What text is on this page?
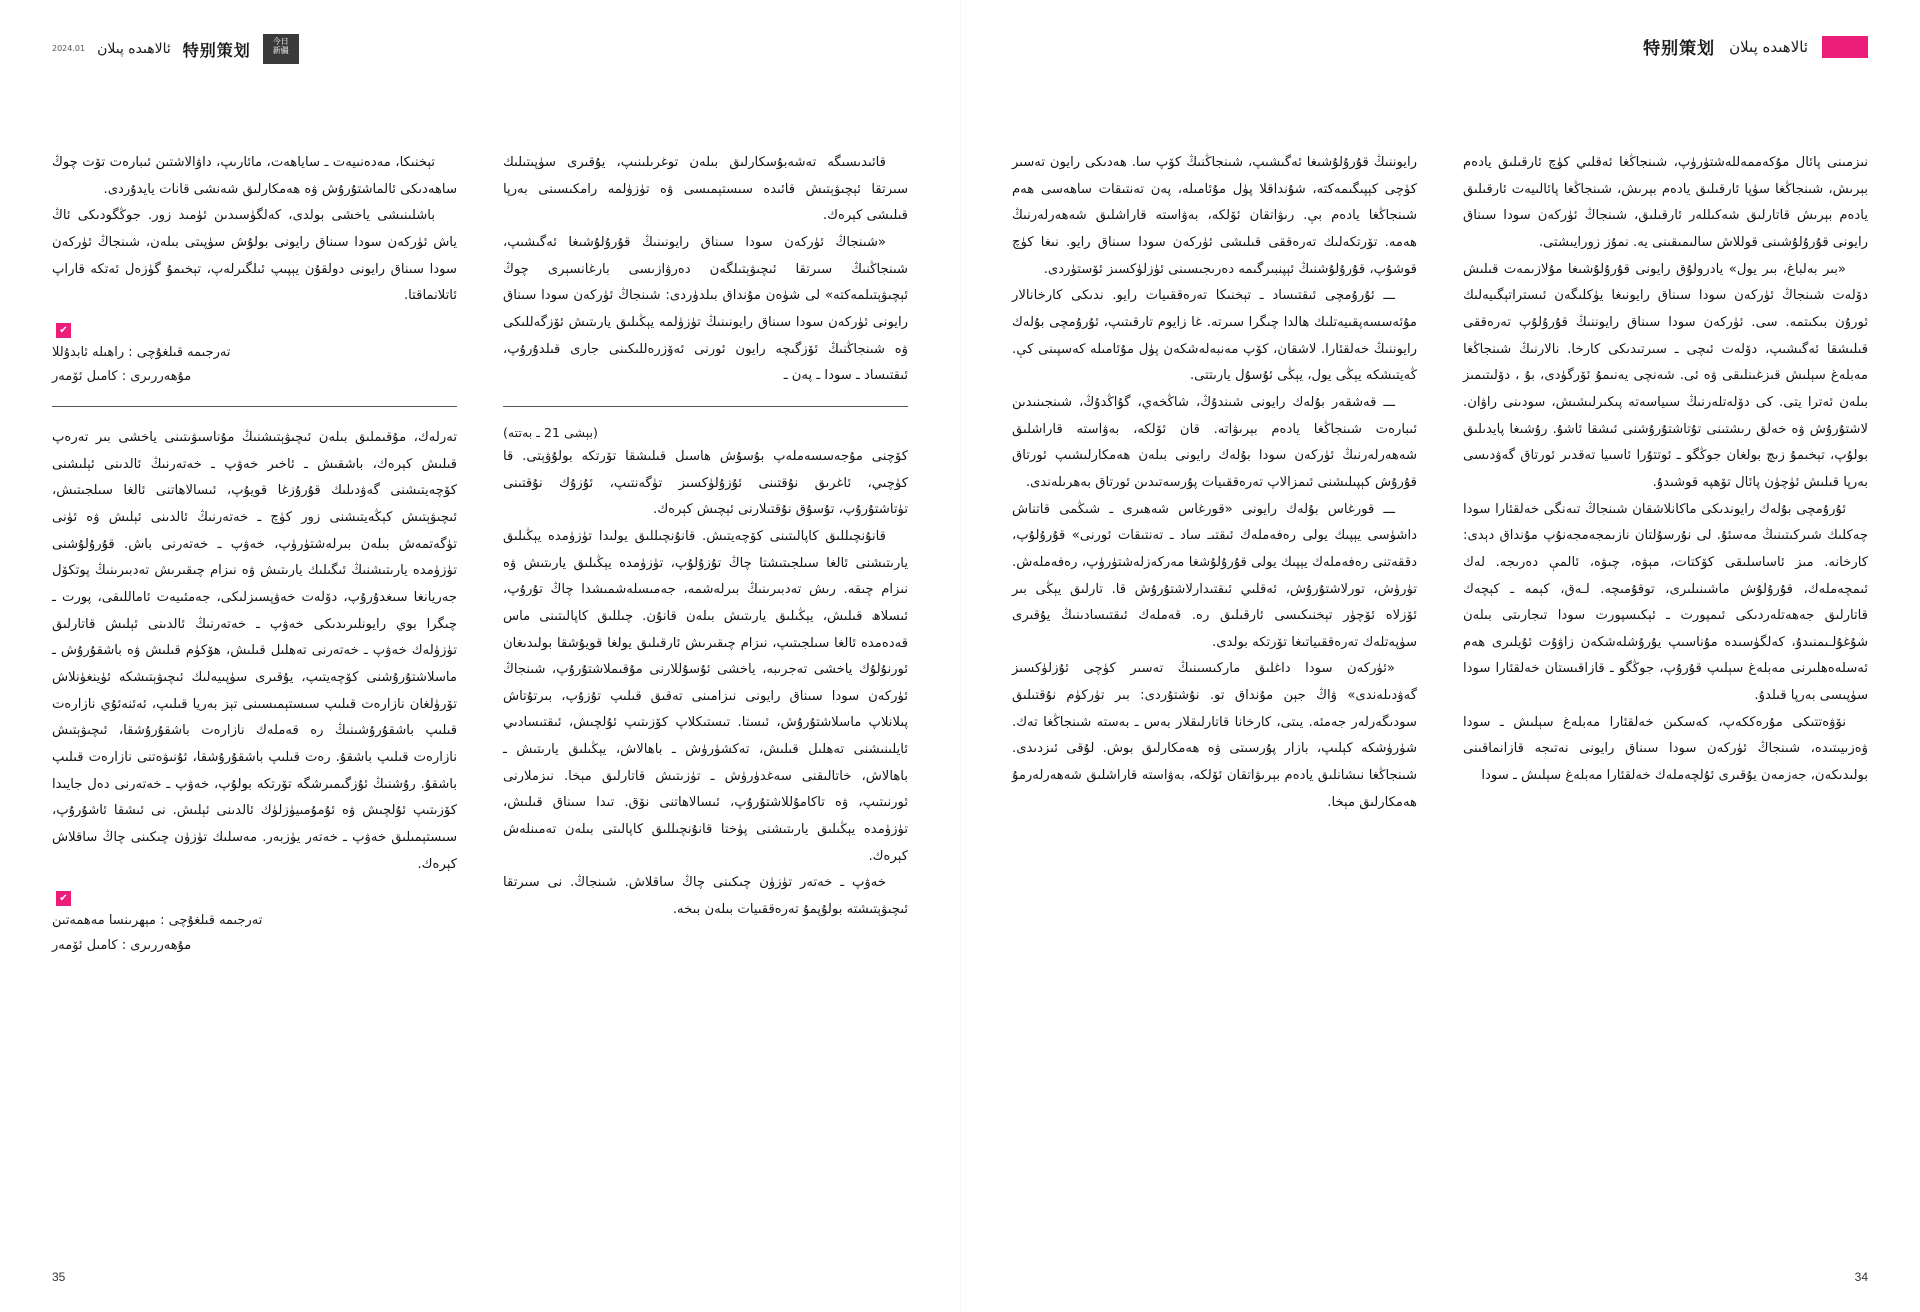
今日
新疆
特别策划
ئالاھىدە پىلان
2024.01

تېخنىكا، مەدەنىيەت ـ ساياھەت، مائارىپ، داۋالاشتىن ئىبارەت تۆت چوڭ ساھەدىكى ئالماشتۇرۇش ۋە ھەمكارلىق شەنشى قانات يايدۇردى.

باشلىنىشى ياخشى بولدى، كەلگۈسىدىن ئۈمىد زور. جوڭگودىكى ئاڭ ياش ئۈركەن سودا سىناق رايونى بولۇش سۈپىتى بىلەن، شىنجاڭ ئۈركەن سودا سىناق رايونى دولقۇن يېپىپ ئىلگىرلەپ، تېخىمۇ گۈزەل ئەتكە قاراپ ئاتلانماقتا.

✔
تەرجىمە قىلغۇچى : راھىلە ئابدۇللا
مۇھەررىرى : كامىل ئۆمەر

تەرلەك، مۇقىملىق بىلەن ئىچىۋېتىشنىڭ مۇناسىۋىتىنى ياخشى بىر تەرەپ قىلىش كېرەك، باشقىش ـ ئاخىر خەۋپ ـ خەتەرنىڭ ئالدىنى ئېلىشنى كۆچەيتىشنى گەۋدىلىك قۇرۇزغا قويۇپ، ئىسالاھاتنى ئالغا سىلجىتىش، ئىچىۋېتىش كېڭەيتىشنى زور كۈچ ـ خەتەرنىڭ ئالدىنى ئېلىش ۋە ئۈنى تۈگەتمەش بىلەن بىرلەشتۈرۈپ، خەۋپ ـ خەتەرنى باش. قۇرۇلۇشنى تۈزۈمدە يارىتىشنىڭ ئىگىلىك يارىتىش ۋە نىزام چىقىرىش تەدبىرىنىڭ پوتكۆل جەريانغا سىغدۇرۇپ، دۆلەت خەۋپسىزلىكى، جەمئىيەت ئاماللىقى، پورت ـ چىگرا بوي رايونلىرىدىكى خەۋپ ـ خەتەرنىڭ ئالدىنى ئېلىش قاتارلىق تۈزۈلەك خەۋپ ـ خەتەرنى تەھلىل قىلىش، ھۆكۈم قىلىش ۋە باشقۇرۇش ـ ماسلاشتۇرۇشنى كۆچەيتىپ، يۇقىرى سۈپىيەلىك ئىچىۋېتىشكە ئۈينغۈنلاش تۆرۈلغان نازارەت قىلىپ سىستېمىسىنى تېز بەريا قىلىپ، ئەئنەئۇي نازارەت قىلىپ باشقۇرۇشىنىڭ رە قەملەك نازارەت باشقۇرۇشقا، ئىچىۋېتىش نازارەت قىلىپ باشقۇ. رەت قىلىپ باشقۇرۇشقا، ئۇنىۋەتنى نازارەت قىلىپ باشقۇ. رۇشنىڭ ئۇزگىمىرشگە تۆرتكە بولۇپ، خەۋپ ـ خەتەرنى دەل جايىدا كۆزىتىپ ئۇلچىش ۋە ئۇمۇمىيۈزلۈك ئالدىنى ئېلىش. نى ئىشقا ئاشۇرۇپ، سىستېمىلىق خەۋپ ـ خەتەر يۈزبەر. مەسلىك تۈزۈن چىكىنى چاڭ ساقلاش كېرەك.

✔
تەرجىمە قىلغۇچى : مېھرىنسا مەھمەتىن
مۇھەررىرى : كامىل ئۆمەر

قائىدىسىگە تەشەبۇسكارلىق بىلەن توغرىلىنىپ، يۇقىرى سۈپىتىلىك سىرتقا ئېچىۋېتىش قائىدە سىستېمىسى ۋە تۈزۈلمە رامكىسىنى بەرپا قىلىشى كېرەك.

«شىنجاڭ ئۈركەن سودا سىناق رايونىنىڭ قۇرۇلۇشىغا ئەگىشىپ، شىنجاڭنىڭ سىرتقا ئىچىۋېتىلگەن دەرۋازىسى بارغانسېرى چوڭ ئېچىۋېتىلمەكتە» لى شۈەن مۇنداق بىلدۈردى: شىنجاڭ ئۈركەن سودا سىناق رايونى ئۈركەن سودا سىناق رايونىنىڭ تۈزۈلمە يېڭىلىق يارىتىش ئۆزگەللىكى ۋە شىنجاڭنىڭ ئۆزگىچە رايون ئورنى ئەۆزرەللىكىنى جارى قىلدۇرۇپ، ئىقتىساد ـ سودا ـ پەن ـ

(بېشى 21 ـ بەتتە)

كۆچنى مۇجەسسەملەپ بۇسۇش ھاسىل قىلىشقا تۆرتكە بولۇۋېتى. قا كۈچىي، ئاغرىق نۇقتىنى ئۇزۇلۈكسىز تۈگەنتىپ، ئۇزۇك نۇقتىنى تۈتاشتۇرۇپ، تۇسۇق نۇقتىلارنى ئېچىش كېرەك.

قانۇنچىللىق كاپالىتىنى كۆچەيتىش. قانۇنچىللىق يولىدا تۈزۈمدە يېڭىلىق يارىتىشنى ئالغا سىلجىتىشتا چاڭ تۇزۇلۇپ، تۈزۈمدە يېڭىلىق يارىتىش ۋە نىزام چىقە. رىش تەدبىرىنىڭ بىرلەشمە، جەمىسلەشمىشدا چاڭ تۇرۇپ، ئىسلاھ قىلىش، يېڭىلىق يارىتىش بىلەن قانۇن. چىللىق كاپالىتىنى ماس قەدەمدە ئالغا سىلجىتىپ، نىزام چىقىرىش ئارقىلىق يولغا قويۇشقا بولىدىغان ئورنۇلۇك ياخشى تەجرىبە، ياخشى ئۇسۇللارنى مۇقىملاشتۇرۇپ، شىنجاڭ ئۈركەن سودا سىناق رايونى نىزامىنى تەقىق قىلىپ تۇزۇپ، بىرتۇتاش پىلانلاپ ماسلاشتۇرۇش، ئىستا. تىستىكلاپ كۆزىتىپ ئۇلچىش، ئىقتىسادىي ئايلىنىشنى تەھلىل قىلىش، تەكشۈرۈش ـ باھالاش، يېڭىلىق يارىتىش ـ باھالاش، خاتالىقنى سەغدۈرۈش ـ تۈزىتىش قاتارلىق مېخا. نىزملارنى ئورنىتىپ، ۋە تاكامۇللاشتۇرۇپ، ئىسالاھاتنى نۆق. تىدا سىناق قىلىش، تۈزۈمدە يېڭىلىق يارىتىشنى پۈختا قانۇنچىللىق كاپالىتى بىلەن تەمىنلەش كېرەك.

خەۋپ ـ خەتەر تۈزۈن چىكىنى چاڭ ساقلاش. شىنجاڭ. نى سىرتقا ئىچىۋېتىشتە بولۇپمۇ تەرەققىيات بىلەن بىخە.

35
ئالاھىدە پىلان
特别策划

رايوننىڭ قۇرۇلۇشىغا ئەگىشىپ، شىنجاڭنىڭ كۆپ سا. ھەدىكى رايون تەسىر كۈچى كېپىگىمەكتە، شۇنداقلا پۈل مۇئامىلە، پەن تەنتىقات ساھەسى ھەم شىنجاڭغا يادەم بې. رىۋاتقان ئۆلكە، بەۋاستە قاراشلىق شەھەرلەرنىڭ ھەمە. تۆرتكەلىك تەرەققى قىلىشى ئۈركەن سودا سىناق رايو. نىغا كۈچ قوشۇپ، قۇرۇلۇشنىڭ ئېپنبىرگىمە دەرىجىسىنى ئۈزلۈكسىز ئۆستۈردى.

ـــ ئۇرۇمچى ئىقتىساد ـ تېخنىكا تەرەققىيات رايو. ندىكى كارخانالار مۇئەسسەپقىيەتلىك ھالدا چىگرا سىرتە. غا زايوم تارقىتىپ، ئۇرۇمچى بۇلەك رايوننىڭ خەلقئارا. لاشقان، كۆپ مەنبەلەشكەن پۈل مۇئامىلە كەسپىنى كې. ڭەيتىشكە يېڭى يول، يېڭى ئۇسۇل يارىتتى.

ـــ قەشقەر بۇلەك رايونى شىندۇڭ، شاڭخەي، گۇاڭدۇڭ، شىنجىنىدىن ئىبارەت شىنجاڭغا يادەم بېرىۋاتە. قان ئۆلكە، بەۋاستە قاراشلىق شەھەرلەرنىڭ ئۈركەن سودا بۇلەك رايونى بىلەن ھەمكارلىشىپ ئورتاق قۇرۇش كېپىلىشنى ئىمزالاپ تەرەققىيات پۇرسەتىدىن ئورتاق بەھرىلەندى.

ـــ قورغاس بۇلەك رايونى «قورغاس شەھىرى ـ شىڭمى قاتناش داشۈسى يېپىك يولى رەفەملەك ئىقتىـ ساد ـ تەنتىقات ئورنى» قۇرۇلۇپ، دققەتنى رەفەملەك يېپىك يولى قۇرۇلۇشغا مەركەزلەشتۈرۈپ، رەفەملەش. تۈرۈش، تورلاشتۇرۇش، ئەقلىي ئىقتىدارلاشتۇرۇش قا. تارلىق يېڭى بىر ئۆزلاە ئۆچۈر تېخنىكىسى ئارقىلىق رە. قەملەك ئىقتىسادىنىڭ يۇقىرى سۈپەتلەك تەرەققىياتىغا تۆرتكە بولدى.

«ئۈركەن سودا داغلىق ماركىسىنىڭ تەسىر كۈچى ئۇزلۈكسىز گەۋدىلەندى» ۋاڭ جېن مۇنداق تو. نۇشتۇردى: بىر تۈركۈم نۇقتىلىق سودىگەرلەر جەمئە. يىتى، كارخانا قاتارلىقلار بەس ـ بەستە شىنجاڭغا تەك. شۈرۈشكە كېلىپ، بازار پۇرسىتى ۋە ھەمكارلىق بوش. لۇقى ئىزدىدى. شىنجاڭغا نىشانلىق يادەم بېرىۋاتقان ئۆلكە، بەۋاستە قاراشلىق شەھەرلەرمۇ ھەمكارلىق مېخا.

نىزمىنى پائال مۇكەممەللەشتۈرۈپ، شىنجاڭغا ئەقلىي كۈچ ئارقىلىق يادەم بېرىش، شىنجاڭغا سۈپا ئارقىلىق يادەم بېرىش، شىنجاڭغا پائالىيەت ئارقىلىق يادەم بېرىش قاتارلىق شەكىللەر ئارقىلىق، شىنجاڭ ئۈركەن سودا سىناق رايونى قۇرۇلۇشىنى قوللاش سالىمىقىنى يە. نمۇز زورايىشتى.

«بىر بەلباغ، بىر يول» يادرولۇق رايونى قۇرۇلۇشىغا مۇلازىمەت قىلىش دۆلەت شىنجاڭ ئۈركەن سودا سىناق رايونىغا يۈكلىگەن ئىستراتېگىيەلىك ئورۇن بىكىتمە. سى. ئۈركەن سودا سىناق رايوننىڭ قۇرۇلۇپ تەرەققى قىلىشقا ئەگىشىپ، دۆلەت ئىچى ـ سىرتىدىكى كارخا. نالارنىڭ شىنجاڭغا مەبلەغ سېلىش قىزغىنلىقى ۋە ئى. شەنچى يەنىمۇ ئۆرگۈدى، بۇ ، دۆلىتىمىز بىلەن ئەترا يتى. كى دۆلەتلەرنىڭ سىياسەتە پىكىرلىشىش، سودىنى راۋان. لاشتۇرۇش ۋە خەلق رىشتىنى تۇتاشتۇرۇشنى ئىشقا ئاشۇ. رۇشىغا پايدىلىق بولۇپ، تېخىمۇ زىچ بولغان جوڭگو ـ ئوتتۇرا ئاسىيا تەقدىر ئورتاق گەۋدىسى بەرپا قىلىش ئۈچۈن پائال تۆھپە قوشىدۇ.

ئۇرۇمچى بۇلەك رايوندىكى ماكانلاشقان شىنجاڭ تىەنگى خەلقئارا سودا چەكلىك شىركىتىنىڭ مەسئۇ. لى نۇرسۇلتان نازىمجەمجەنۇپ مۇنداق دېدى: كارخانە. مىز ئاساسلىقى كۆكتات، مېۋە، چىۋە، ئالمې دەرىجە. لەك ئىمچەملەك، قۇرۇلۇش ماشىنىلىرى، توقۇمىچە. لـەق، كېمە ـ كېچەك قاتارلىق جەھەتلەردىكى ئىمپورت ـ ئېكىسپورت سودا تىجارىتى بىلەن شۇغۇلـىمنىدۇ، كەلگۈسىدە مۇناسىپ يۇرۇشلەشكەن زاۋۇت ئۇيلىرى ھەم ئەسلەەھلىرنى مەبلەغ سېلىپ قۇرۇپ، جوڭگو ـ قازاقىستان خەلقئارا سودا سۈپىسى بەرپا قىلدۇ.

نۆۋەتتىكى مۇرەككەپ، كەسكىن خەلقئارا مەبلەغ سېلىش ـ سودا ۋەزىيىتىدە، شىنجاڭ ئۈركەن سودا سىناق رايونى نەتىجە قازانماقىنى بولىدىكەن، جەزمەن يۇقىرى ئۇلچەملەك خەلقئارا مەبلەغ سېلىش ـ سودا

34
